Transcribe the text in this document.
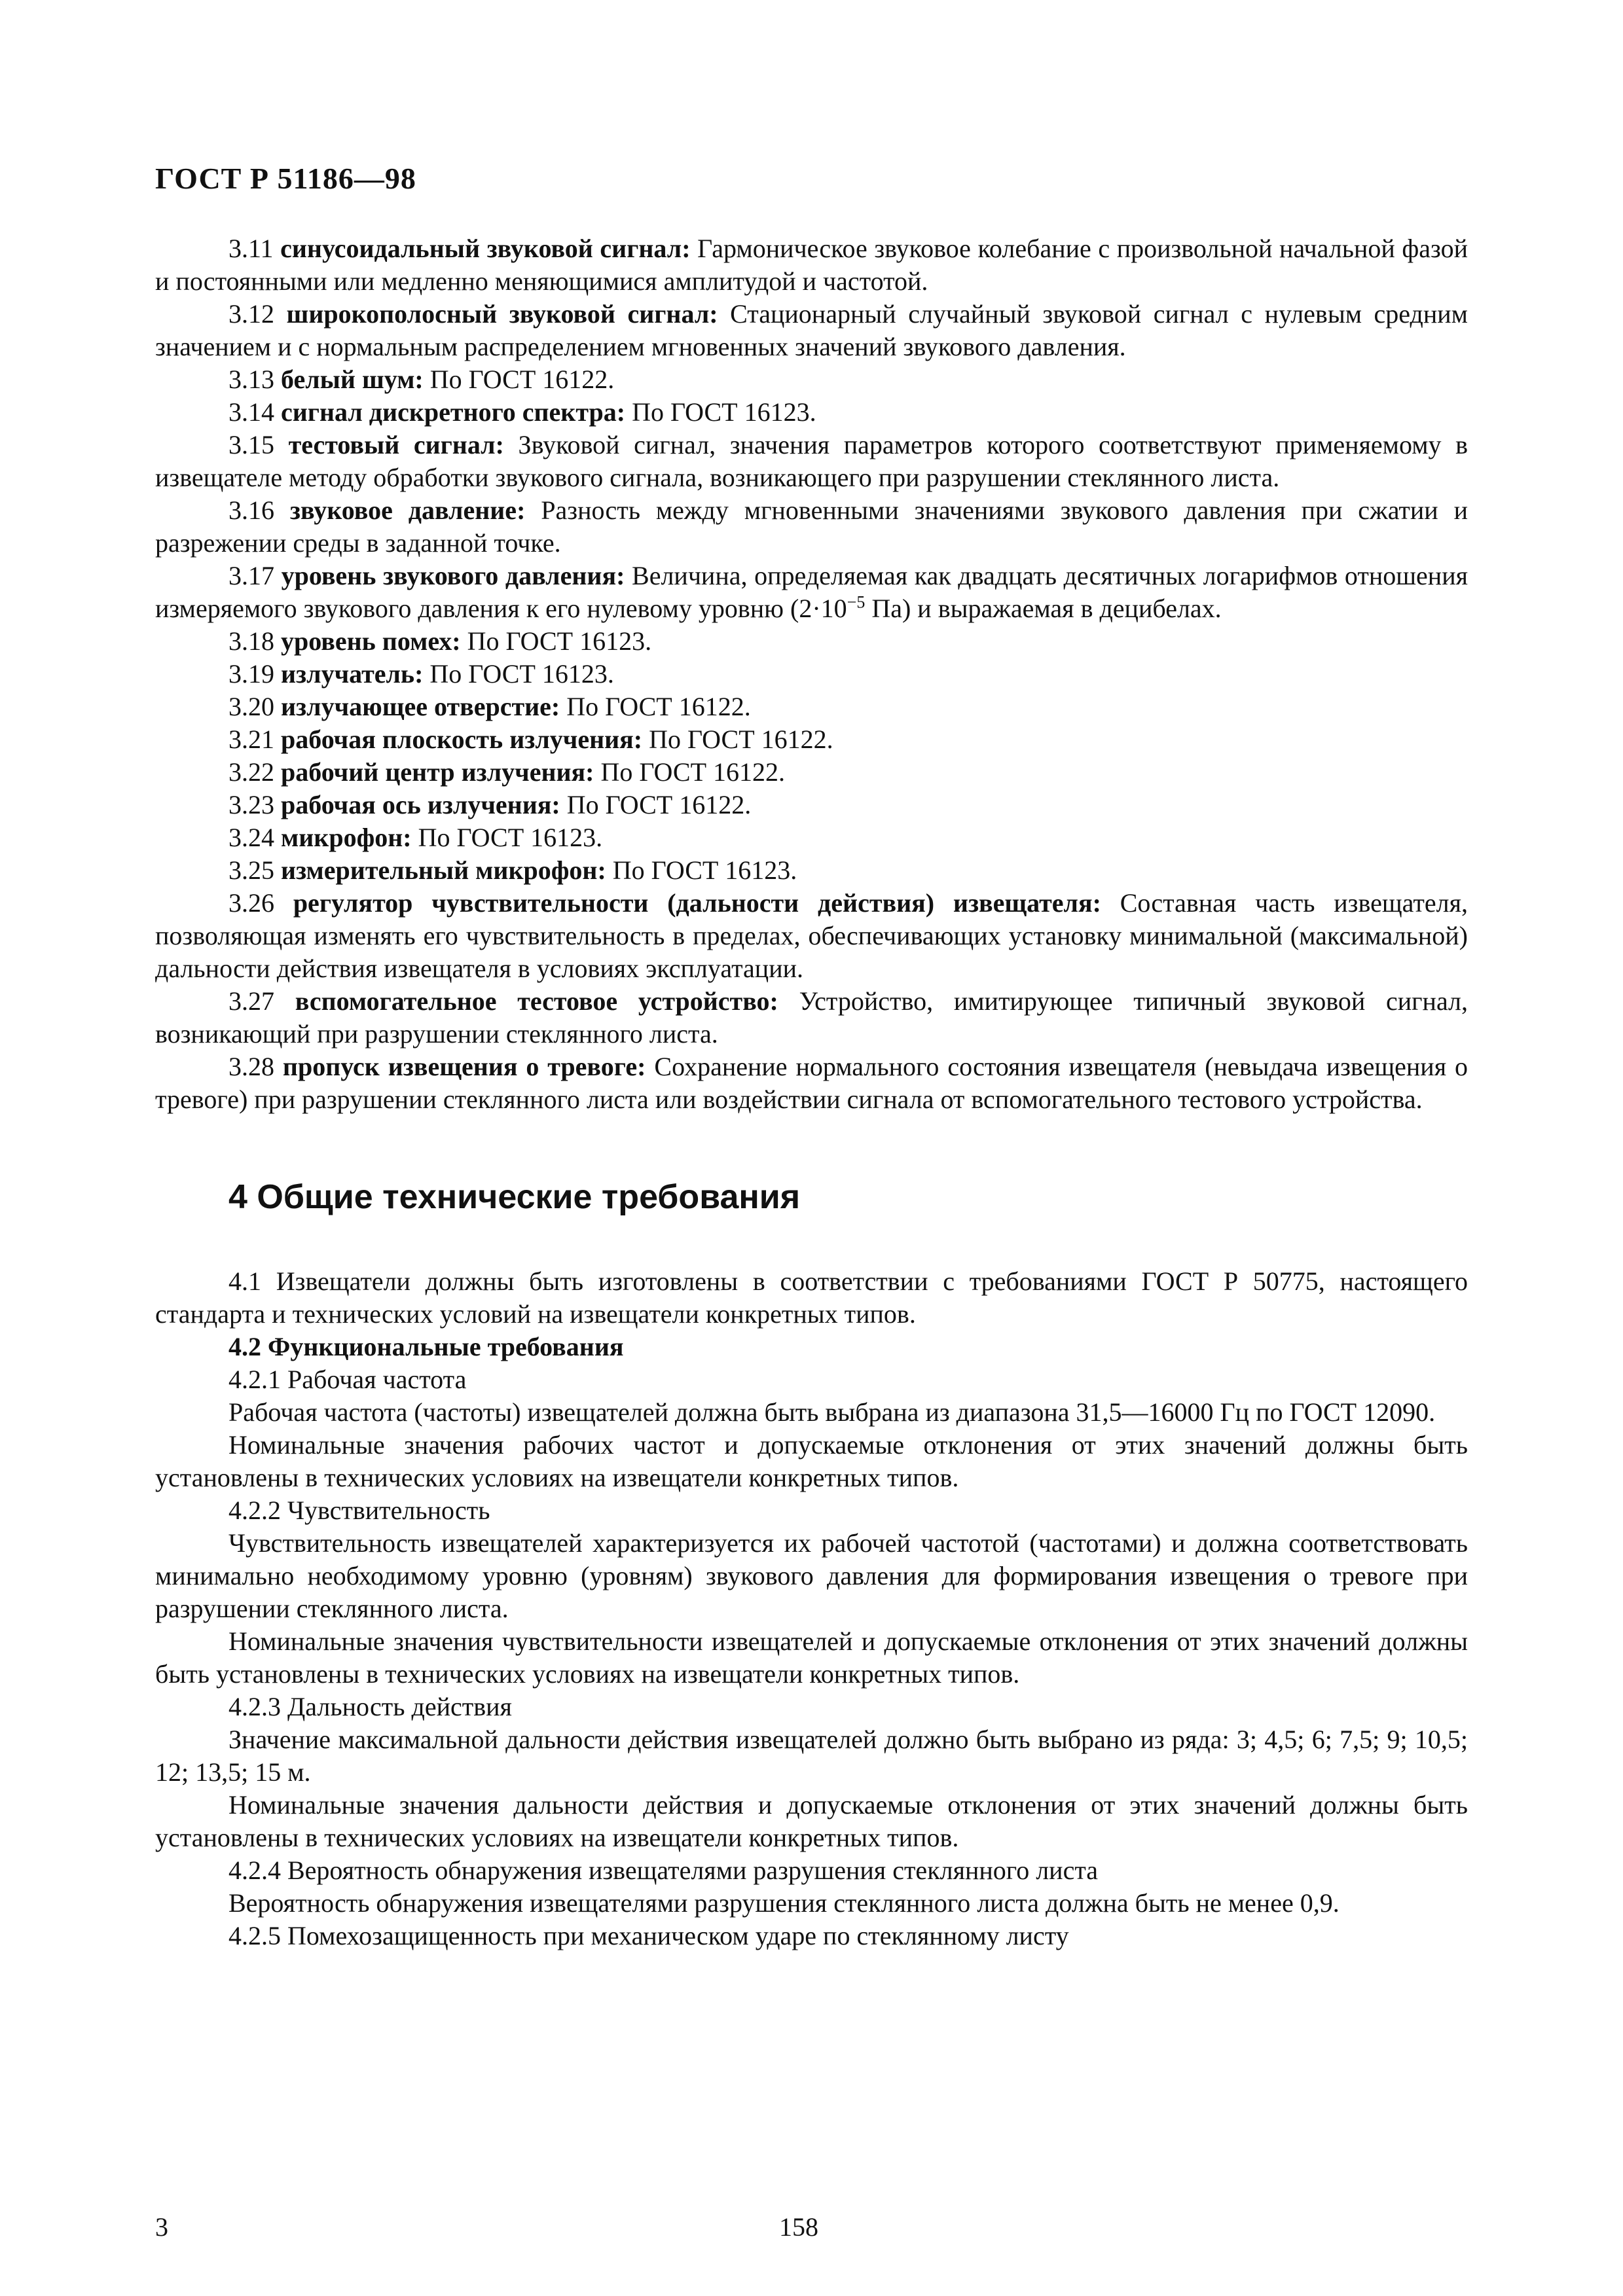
ГОСТ Р 51186—98

3.11 синусоидальный звуковой сигнал: Гармоническое звуковое колебание с произвольной начальной фазой и постоянными или медленно меняющимися амплитудой и частотой.

3.12 широкополосный звуковой сигнал: Стационарный случайный звуковой сигнал с нулевым средним значением и с нормальным распределением мгновенных значений звукового давления.

3.13 белый шум: По ГОСТ 16122.

3.14 сигнал дискретного спектра: По ГОСТ 16123.

3.15 тестовый сигнал: Звуковой сигнал, значения параметров которого соответствуют применяемому в извещателе методу обработки звукового сигнала, возникающего при разрушении стеклянного листа.

3.16 звуковое давление: Разность между мгновенными значениями звукового давления при сжатии и разрежении среды в заданной точке.

3.17 уровень звукового давления: Величина, определяемая как двадцать десятичных логарифмов отношения измеряемого звукового давления к его нулевому уровню ($2\cdot 10^{-5}$ Па) и выражаемая в децибелах.

3.18 уровень помех: По ГОСТ 16123.

3.19 излучатель: По ГОСТ 16123.

3.20 излучающее отверстие: По ГОСТ 16122.

3.21 рабочая плоскость излучения: По ГОСТ 16122.

3.22 рабочий центр излучения: По ГОСТ 16122.

3.23 рабочая ось излучения: По ГОСТ 16122.

3.24 микрофон: По ГОСТ 16123.

3.25 измерительный микрофон: По ГОСТ 16123.

3.26 регулятор чувствительности (дальности действия) извещателя: Составная часть извещателя, позволяющая изменять его чувствительность в пределах, обеспечивающих установку минимальной (максимальной) дальности действия извещателя в условиях эксплуатации.

3.27 вспомогательное тестовое устройство: Устройство, имитирующее типичный звуковой сигнал, возникающий при разрушении стеклянного листа.

3.28 пропуск извещения о тревоге: Сохранение нормального состояния извещателя (невыдача извещения о тревоге) при разрушении стеклянного листа или воздействии сигнала от вспомогательного тестового устройства.

4 Общие технические требования

4.1 Извещатели должны быть изготовлены в соответствии с требованиями ГОСТ Р 50775, настоящего стандарта и технических условий на извещатели конкретных типов.

4.2 Функциональные требования

4.2.1 Рабочая частота

Рабочая частота (частоты) извещателей должна быть выбрана из диапазона 31,5—16000 Гц по ГОСТ 12090.

Номинальные значения рабочих частот и допускаемые отклонения от этих значений должны быть установлены в технических условиях на извещатели конкретных типов.

4.2.2 Чувствительность

Чувствительность извещателей характеризуется их рабочей частотой (частотами) и должна соответствовать минимально необходимому уровню (уровням) звукового давления для формирования извещения о тревоге при разрушении стеклянного листа.

Номинальные значения чувствительности извещателей и допускаемые отклонения от этих значений должны быть установлены в технических условиях на извещатели конкретных типов.

4.2.3 Дальность действия

Значение максимальной дальности действия извещателей должно быть выбрано из ряда: 3; 4,5; 6; 7,5; 9; 10,5; 12; 13,5; 15 м.

Номинальные значения дальности действия и допускаемые отклонения от этих значений должны быть установлены в технических условиях на извещатели конкретных типов.

4.2.4 Вероятность обнаружения извещателями разрушения стеклянного листа

Вероятность обнаружения извещателями разрушения стеклянного листа должна быть не менее 0,9.

4.2.5 Помехозащищенность при механическом ударе по стеклянному листу

3	158
